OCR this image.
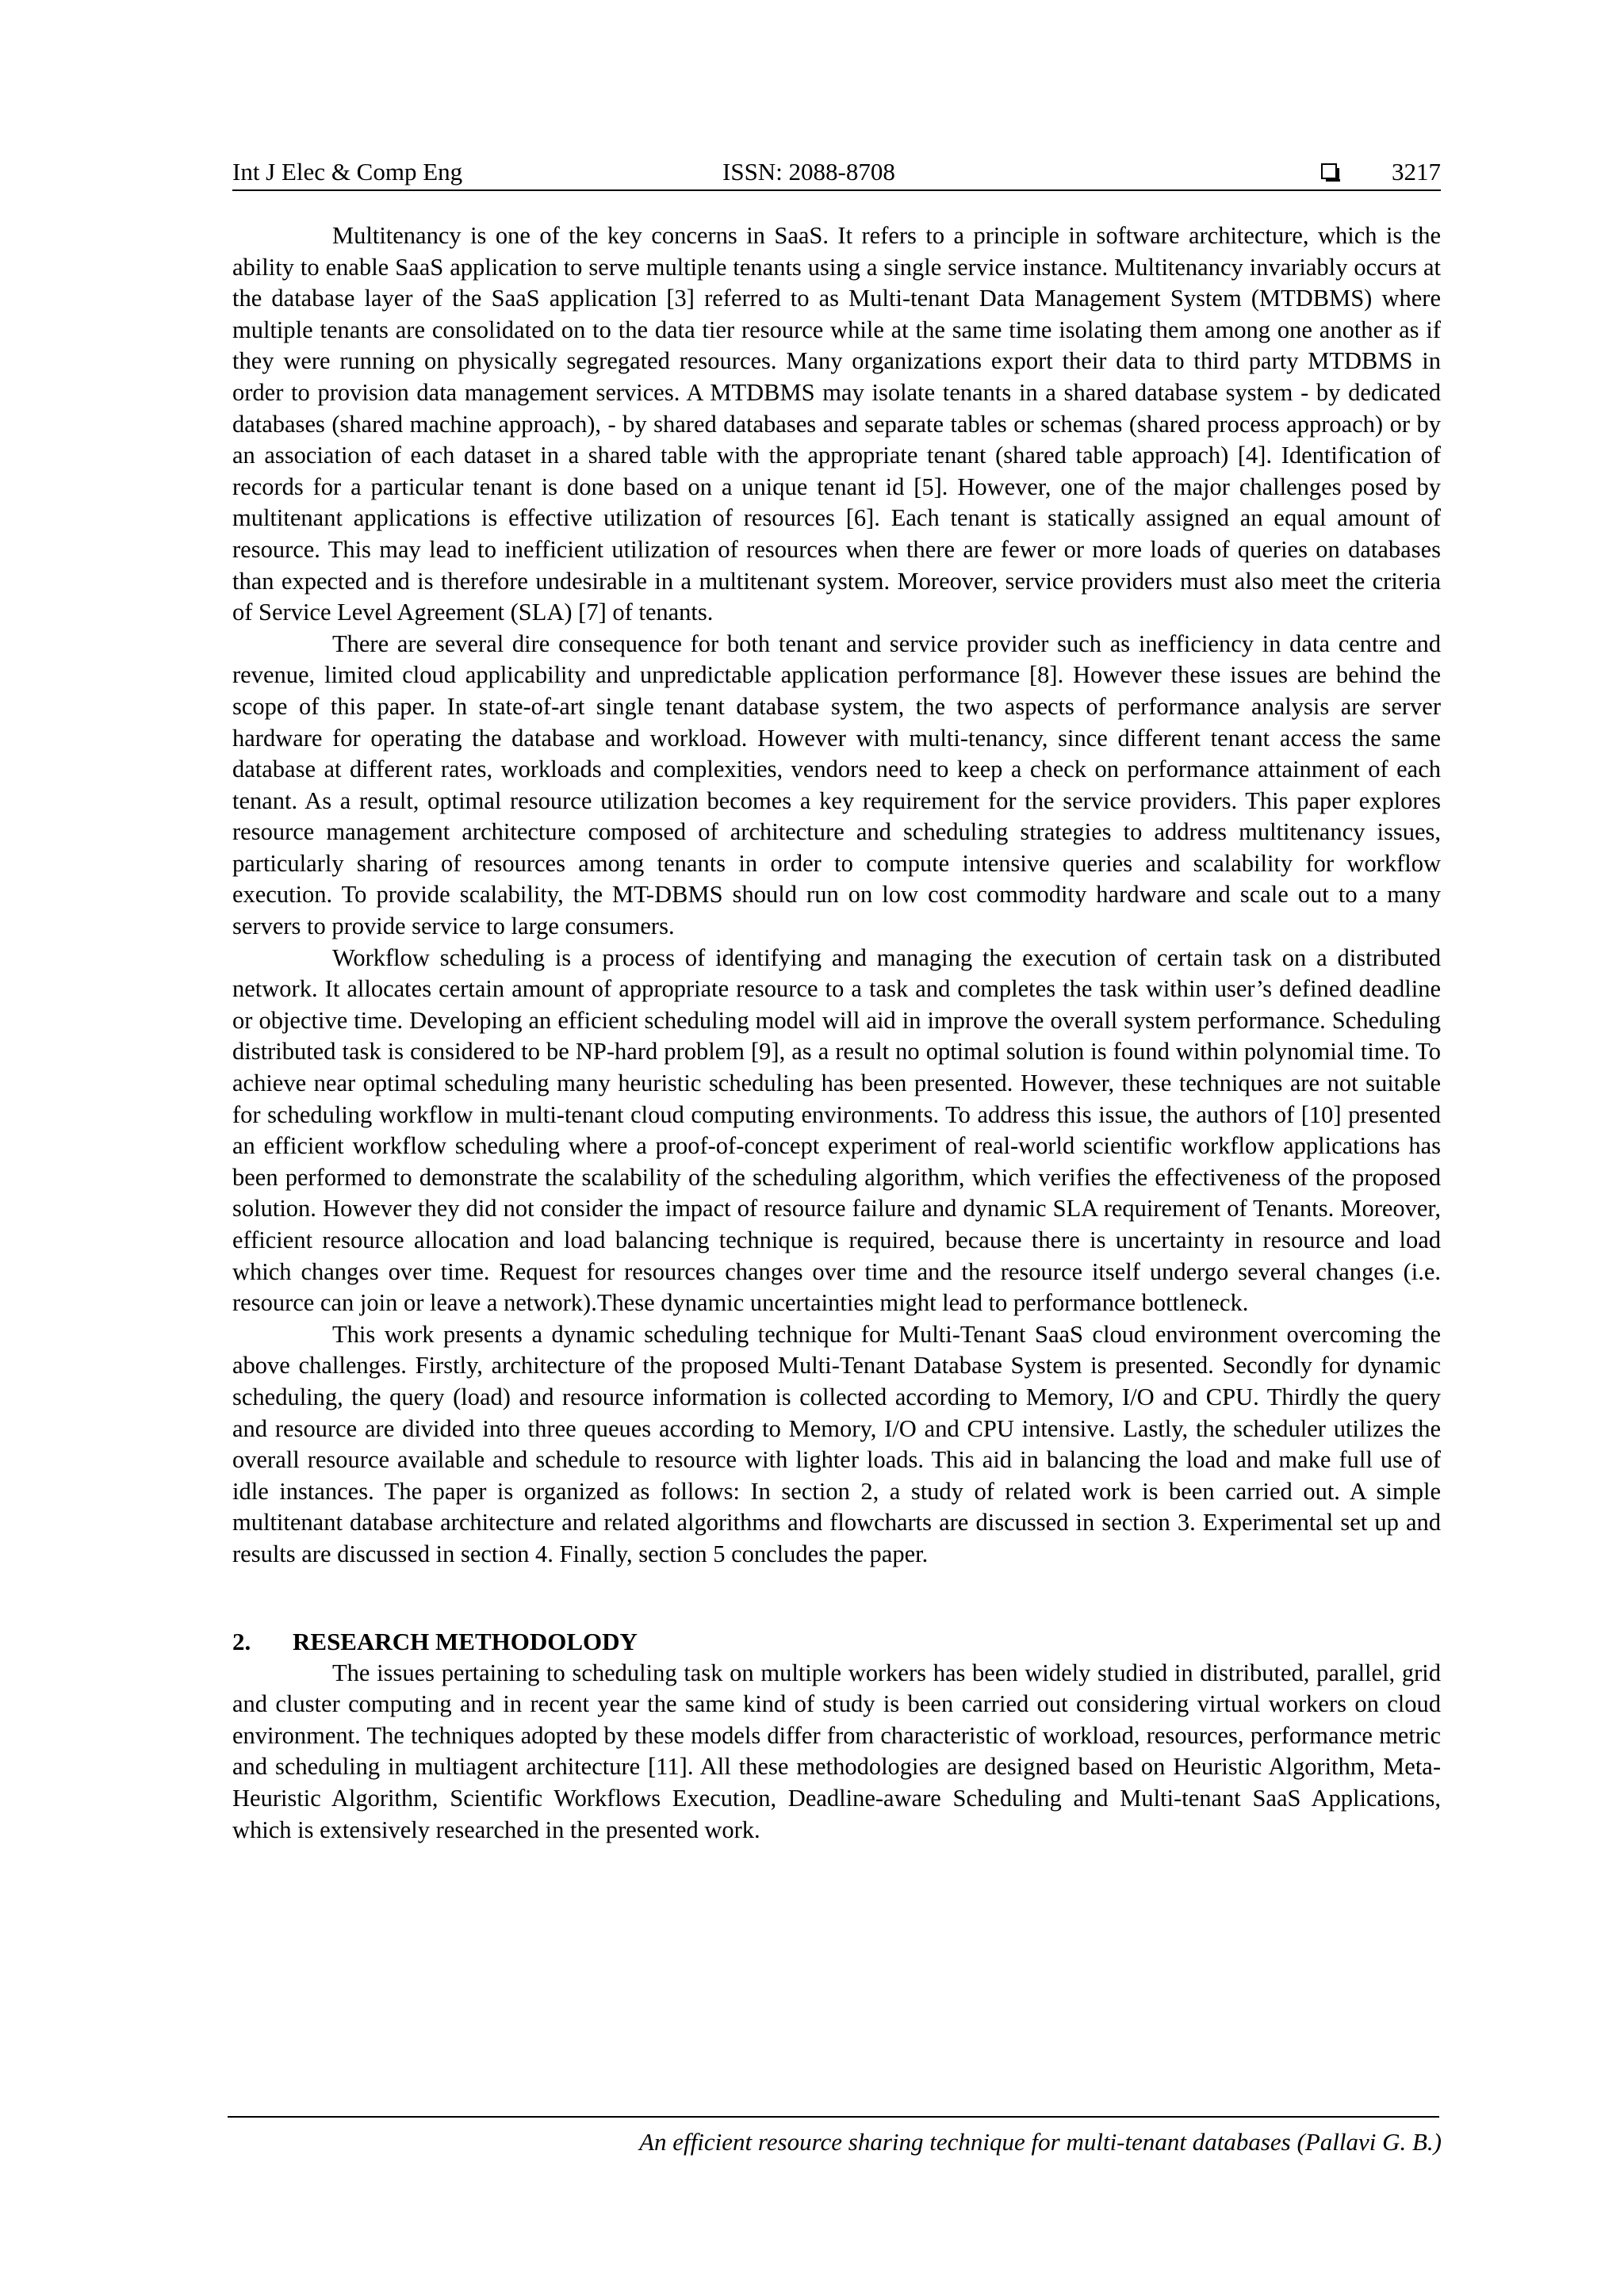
Int J Elec & Comp Eng	ISSN: 2088-8708	3217

Multitenancy is one of the key concerns in SaaS. It refers to a principle in software architecture, which is the ability to enable SaaS application to serve multiple tenants using a single service instance. Multitenancy invariably occurs at the database layer of the SaaS application [3] referred to as Multi-tenant Data Management System (MTDBMS) where multiple tenants are consolidated on to the data tier resource while at the same time isolating them among one another as if they were running on physically segregated resources. Many organizations export their data to third party MTDBMS in order to provision data management services. A MTDBMS may isolate tenants in a shared database system - by dedicated databases (shared machine approach), - by shared databases and separate tables or schemas (shared process approach) or by an association of each dataset in a shared table with the appropriate tenant (shared table approach) [4]. Identification of records for a particular tenant is done based on a unique tenant id [5]. However, one of the major challenges posed by multitenant applications is effective utilization of resources [6]. Each tenant is statically assigned an equal amount of resource. This may lead to inefficient utilization of resources when there are fewer or more loads of queries on databases than expected and is therefore undesirable in a multitenant system. Moreover, service providers must also meet the criteria of Service Level Agreement (SLA) [7] of tenants.

There are several dire consequence for both tenant and service provider such as inefficiency in data centre and revenue, limited cloud applicability and unpredictable application performance [8]. However these issues are behind the scope of this paper. In state-of-art single tenant database system, the two aspects of performance analysis are server hardware for operating the database and workload. However with multi-tenancy, since different tenant access the same database at different rates, workloads and complexities, vendors need to keep a check on performance attainment of each tenant. As a result, optimal resource utilization becomes a key requirement for the service providers. This paper explores resource management architecture composed of architecture and scheduling strategies to address multitenancy issues, particularly sharing of resources among tenants in order to compute intensive queries and scalability for workflow execution. To provide scalability, the MT-DBMS should run on low cost commodity hardware and scale out to a many servers to provide service to large consumers.

Workflow scheduling is a process of identifying and managing the execution of certain task on a distributed network. It allocates certain amount of appropriate resource to a task and completes the task within user’s defined deadline or objective time. Developing an efficient scheduling model will aid in improve the overall system performance. Scheduling distributed task is considered to be NP-hard problem [9], as a result no optimal solution is found within polynomial time. To achieve near optimal scheduling many heuristic scheduling has been presented. However, these techniques are not suitable for scheduling workflow in multi-tenant cloud computing environments. To address this issue, the authors of [10] presented an efficient workflow scheduling where a proof-of-concept experiment of real-world scientific workflow applications has been performed to demonstrate the scalability of the scheduling algorithm, which verifies the effectiveness of the proposed solution. However they did not consider the impact of resource failure and dynamic SLA requirement of Tenants. Moreover, efficient resource allocation and load balancing technique is required, because there is uncertainty in resource and load which changes over time. Request for resources changes over time and the resource itself undergo several changes (i.e. resource can join or leave a network).These dynamic uncertainties might lead to performance bottleneck.

This work presents a dynamic scheduling technique for Multi-Tenant SaaS cloud environment overcoming the above challenges. Firstly, architecture of the proposed Multi-Tenant Database System is presented. Secondly for dynamic scheduling, the query (load) and resource information is collected according to Memory, I/O and CPU. Thirdly the query and resource are divided into three queues according to Memory, I/O and CPU intensive. Lastly, the scheduler utilizes the overall resource available and schedule to resource with lighter loads. This aid in balancing the load and make full use of idle instances. The paper is organized as follows: In section 2, a study of related work is been carried out. A simple multitenant database architecture and related algorithms and flowcharts are discussed in section 3. Experimental set up and results are discussed in section 4. Finally, section 5 concludes the paper.

2. RESEARCH METHODOLODY

The issues pertaining to scheduling task on multiple workers has been widely studied in distributed, parallel, grid and cluster computing and in recent year the same kind of study is been carried out considering virtual workers on cloud environment. The techniques adopted by these models differ from characteristic of workload, resources, performance metric and scheduling in multiagent architecture [11]. All these methodologies are designed based on Heuristic Algorithm, Meta-Heuristic Algorithm, Scientific Workflows Execution, Deadline-aware Scheduling and Multi-tenant SaaS Applications, which is extensively researched in the presented work.

An efficient resource sharing technique for multi-tenant databases (Pallavi G. B.)
